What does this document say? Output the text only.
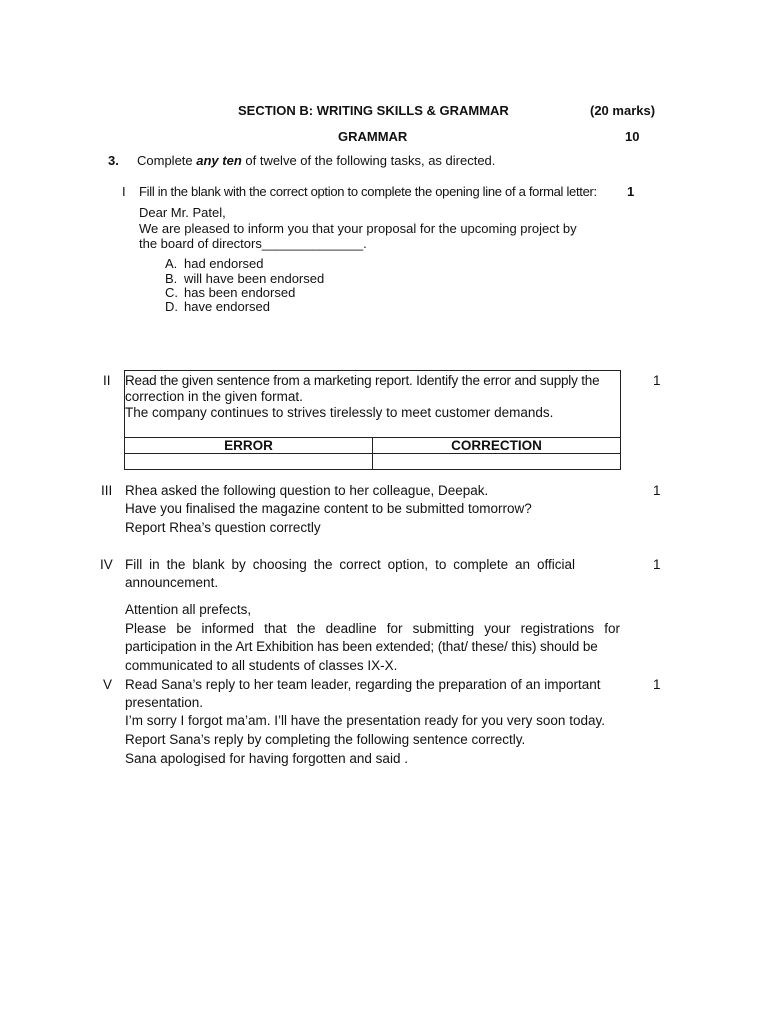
SECTION B: WRITING SKILLS & GRAMMAR	(20 marks)
GRAMMAR	10
3. Complete any ten of twelve of the following tasks, as directed.
I Fill in the blank with the correct option to complete the opening line of a formal letter: 1
Dear Mr. Patel,
We are pleased to inform you that your proposal for the upcoming project by
the board of directors______________.
A. had endorsed
B. will have been endorsed
C. has been endorsed
D. have endorsed
II Read the given sentence from a marketing report. Identify the error and supply the
correction in the given format.
The company continues to strives tirelessly to meet customer demands.
1
ERROR	CORRECTION

III Rhea asked the following question to her colleague, Deepak.
Have you finalised the magazine content to be submitted tomorrow?
Report Rhea’s question correctly
1
IV Fill in the blank by choosing the correct option, to complete an official
announcement.
1
Attention all prefects,
Please be informed that the deadline for submitting your registrations for
participation in the Art Exhibition has been extended; (that/ these/ this) should be
communicated to all students of classes IX-X.
V Read Sana’s reply to her team leader, regarding the preparation of an important
presentation.
1
I’m sorry I forgot ma’am. I’ll have the presentation ready for you very soon today.
Report Sana’s reply by completing the following sentence correctly.
Sana apologised for having forgotten and said .
